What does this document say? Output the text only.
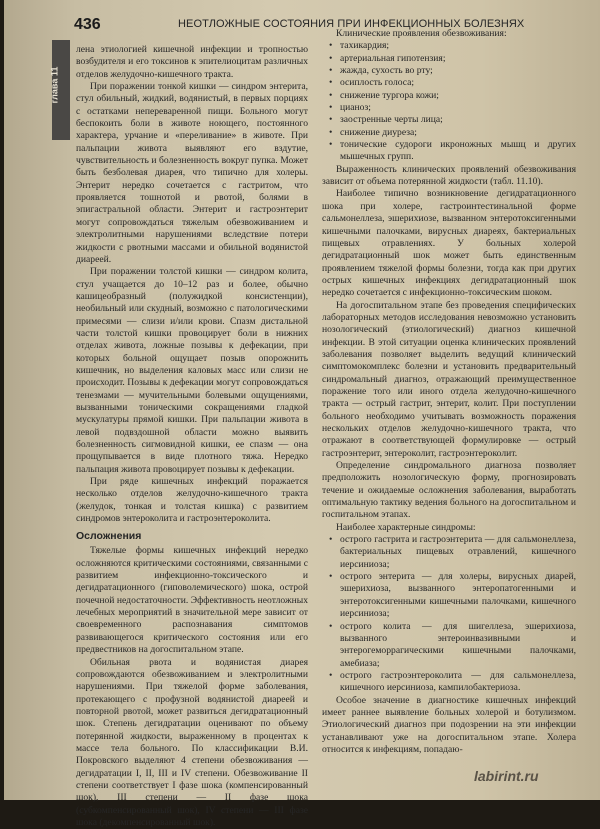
глава 11
436	НЕОТЛОЖНЫЕ СОСТОЯНИЯ ПРИ ИНФЕКЦИОННЫХ БОЛЕЗНЯХ

лена этиологией кишечной инфекции и тропностью возбудителя и его токсинов к эпителиоцитам различных отделов желудочно-кишечного тракта.

При поражении тонкой кишки — синдром энтерита, стул обильный, жидкий, водянистый, в первых порциях с остатками непереваренной пищи. Больного могут беспокоить боли в животе ноющего, постоянного характера, урчание и «переливание» в животе. При пальпации живота выявляют его вздутие, чувствительность и болезненность вокруг пупка. Может быть безболевая диарея, что типично для холеры. Энтерит нередко сочетается с гастритом, что проявляется тошнотой и рвотой, болями в эпигастральной области. Энтерит и гастроэнтерит могут сопровождаться тяжелым обезвоживанием и электролитными нарушениями вследствие потери жидкости с рвотными массами и обильной водянистой диареей.

При поражении толстой кишки — синдром колита, стул учащается до 10–12 раз и более, обычно кашицеобразный (полужидкой консистенции), необильный или скудный, возможно с патологическими примесями — слизи и/или крови. Спазм дистальной части толстой кишки провоцирует боли в нижних отделах живота, ложные позывы к дефекации, при которых больной ощущает позыв опорожнить кишечник, но выделения каловых масс или слизи не происходит. Позывы к дефекации могут сопровождаться тенезмами — мучительными болевыми ощущениями, вызванными тоническими сокращениями гладкой мускулатуры прямой кишки. При пальпации живота в левой подвздошной области можно выявить болезненность сигмовидной кишки, ее спазм — она прощупывается в виде плотного тяжа. Нередко пальпация живота провоцирует позывы к дефекации.

При ряде кишечных инфекций поражается несколько отделов желудочно-кишечного тракта (желудок, тонкая и толстая кишка) с развитием синдромов энтероколита и гастроэнтероколита.

Осложнения

Тяжелые формы кишечных инфекций нередко осложняются критическими состояниями, связанными с развитием инфекционно-токсического и дегидратационного (гиповолемического) шока, острой почечной недостаточности. Эффективность неотложных лечебных мероприятий в значительной мере зависит от своевременного распознавания симптомов развивающегося критического состояния или его предвестников на догоспитальном этапе.

Обильная рвота и водянистая диарея сопровождаются обезвоживанием и электролитными нарушениями. При тяжелой форме заболевания, протекающего с профузной водянистой диареей и повторной рвотой, может развиться дегидратационный шок. Степень дегидратации оценивают по объему потерянной жидкости, выраженному в процентах к массе тела больного. По классификации В.И. Покровского выделяют 4 степени обезвоживания — дегидратации I, II, III и IV степени. Обезвоживание II степени соответствует I фазе шока (компенсированный шок), III степени — II фазе шока (субкомпенсированный шок), IV степени — III фазе шока (декомпенсированный шок).

Клинические проявления обезвоживания:

• тахикардия;
• артериальная гипотензия;
• жажда, сухость во рту;
• осиплость голоса;
• снижение тургора кожи;
• цианоз;
• заостренные черты лица;
• снижение диуреза;
• тонические судороги икроножных мышц и других мышечных групп.

Выраженность клинических проявлений обезвоживания зависит от объема потерянной жидкости (табл. 11.10).

Наиболее типично возникновение дегидратационного шока при холере, гастроинтестинальной форме сальмонеллеза, эшерихиозе, вызванном энтеротоксигенными кишечными палочками, вирусных диареях, бактериальных пищевых отравлениях. У больных холерой дегидратационный шок может быть единственным проявлением тяжелой формы болезни, тогда как при других острых кишечных инфекциях дегидратационный шок нередко сочетается с инфекционно-токсическим шоком.

На догоспитальном этапе без проведения специфических лабораторных методов исследования невозможно установить нозологический (этиологический) диагноз кишечной инфекции. В этой ситуации оценка клинических проявлений заболевания позволяет выделить ведущий клинический симптомокомплекс болезни и установить предварительный синдромальный диагноз, отражающий преимущественное поражение того или иного отдела желудочно-кишечного тракта — острый гастрит, энтерит, колит. При поступлении больного необходимо учитывать возможность поражения нескольких отделов желудочно-кишечного тракта, что отражают в соответствующей формулировке — острый гастроэнтерит, энтероколит, гастроэнтероколит.

Определение синдромального диагноза позволяет предположить нозологическую форму, прогнозировать течение и ожидаемые осложнения заболевания, выработать оптимальную тактику ведения больного на догоспитальном и госпитальном этапах.

Наиболее характерные синдромы:

• острого гастрита и гастроэнтерита — для сальмонеллеза, бактериальных пищевых отравлений, кишечного иерсиниоза;
• острого энтерита — для холеры, вирусных диарей, эшерихиоза, вызванного энтеропатогенными и энтеротоксигенными кишечными палочками, кишечного иерсиниоза;
• острого колита — для шигеллеза, эшерихиоза, вызванного энтероинвазивными и энтерогеморрагическими кишечными палочками, амебиаза;
• острого гастроэнтероколита — для сальмонеллеза, кишечного иерсиниоза, кампилобактериоза.

Особое значение в диагностике кишечных инфекций имеет раннее выявление больных холерой и ботулизмом. Этиологический диагноз при подозрении на эти инфекции устанавливают уже на догоспитальном этапе. Холера относится к инфекциям, попадаю-

labirint.ru
